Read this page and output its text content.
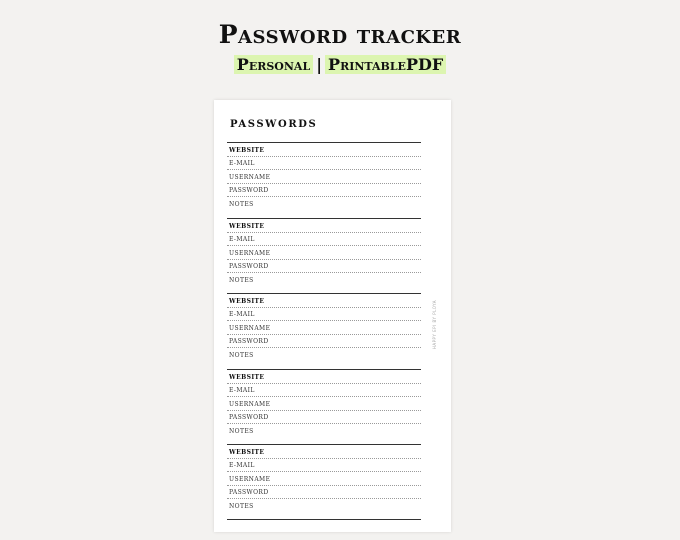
Password tracker
Personal | PrintablePDF
PASSWORDS
WEBSITE
E-MAIL
USERNAME
PASSWORD
NOTES
WEBSITE
E-MAIL
USERNAME
PASSWORD
NOTES
WEBSITE
E-MAIL
USERNAME
PASSWORD
NOTES
WEBSITE
E-MAIL
USERNAME
PASSWORD
NOTES
WEBSITE
E-MAIL
USERNAME
PASSWORD
NOTES
HAPPY EPI BY PLOYA
